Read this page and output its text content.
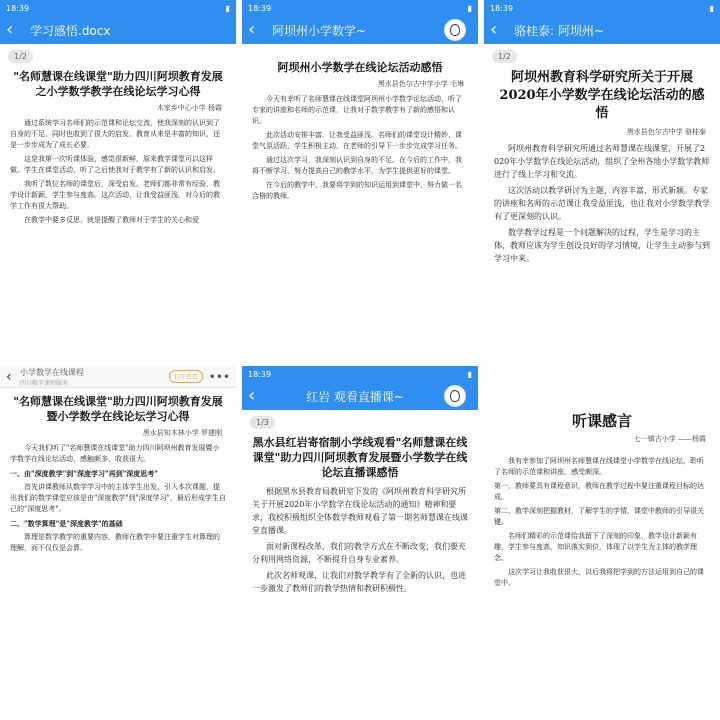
18:39	▮
‹	学习感悟.docx
1/2
"名师慧课在线课堂"助力四川阿坝教育发展之小学数学教学在线论坛学习心得
木家乡中心小学 杨霞

通过系统学习名师们的示范课和论坛交流，使我深刻的认识到了自身的不足，同时也收到了很大的启发。教育从来是丰富的知识，还是一步步成为了成长必要。

这是我第一次听课体验，感觉很新鲜，原来教学课堂可以这样做。学生在课堂活动，听了之后使我对于教学有了新的认识和启发。

我听了数位名师的课堂后，深受启发。老师们都非常有经验，教学设计新颖，学生参与度高。这次活动，让我受益匪浅，对今后的教学工作有很大帮助。

在教学中要多反思，就是提醒了教师对于学生的关心和爱

18:39	▮
‹	阿坝州小学数学~
阿坝州小学数学在线论坛活动感悟
黑水县色尔古中学小学 毛琳

今天有幸听了名师慧课在线课堂阿坝州小学数学论坛活动，听了专家的讲座和名师的示范课，让我对于数学教学有了新的感悟和认识。

此次活动安排丰富，让我受益匪浅。名师们的课堂设计精妙，课堂气氛活跃，学生积极主动，在老师的引导下一步步完成学习任务。

通过这次学习，我深刻认识到自身的不足。在今后的工作中，我将不断学习，努力提高自己的教学水平，为学生提供更好的课堂。

在今后的教学中，我要将学到的知识运用到课堂中，努力做一名合格的教师。

18:39	▮
‹	骆桂泰: 阿坝州~
1/2
阿坝州教育科学研究所关于开展2020年小学数学在线论坛活动的感悟
黑水县色尔古中学 骆桂泰

阿坝州教育科学研究所通过名师慧课在线课堂，开展了2020年小学数学在线论坛活动，组织了全州各地小学数学教师进行了线上学习和交流。

这次活动以教学研讨为主题，内容丰富，形式新颖。专家的讲座和名师的示范课让我受益匪浅，也让我对小学数学教学有了更深刻的认识。

数学教学过程是一个问题解决的过程，学生是学习的主体，教师应该为学生创设良好的学习情境，让学生主动参与到学习中来。

‹	小学数学在线课程
四川数字课程服务
打开看看 •••
"名师慧课在线课堂"助力四川阿坝教育发展暨小学数学在线论坛学习心得
黑水县知木林小学 罗建刚

今天我们听了"名师慧课在线课堂"助力四川阿坝州教育发展暨小学数学在线论坛活动，感触颇多，收获很大。

一、由"深度教学"到"深度学习"再到"深度思考"

首先讲课教师从数学学习中的主体学生出发，引入本次课题，提出我们的数学课堂应该是由"深度教学"到"深度学习"，最后形成学生自己的"深度思考"。

二、"数学算理"是"深度教学"的基础

算理是数学教学的重要内容，教师在教学中要注重学生对算理的理解，而不仅仅是会算。

18:39	▮
‹	红岩 观看直播课~
1/3
黑水县红岩寄宿制小学线观看"名师慧课在线课堂"助力四川阿坝教育发展暨小学数学在线论坛直播课感悟

根据黑水县教育局教研室下发的《阿坝州教育科学研究所关于开展2020年小学数学在线论坛活动的通知》精神和要求，我校积极组织全体数学教师观看了第一期名师慧课在线课堂直播课。

面对新课程改革，我们的教学方式在不断改变，我们要充分利用网络资源，不断提升自身专业素养。

此次名师观课，让我们对数学教学有了全新的认识，也进一步激发了教师们的教学热情和教研积极性。

听课感言
七一镇古小学 ——杨霞

我有幸参加了阿坝州名师慧课在线课堂小学数学在线论坛，聆听了名师的示范课和讲座，感受颇深。

第一，教师要具有课程意识，教师在教学过程中要注重课程目标的达成。

第二，教学深刻把握教材，了解学生的学情，课堂中教师的引导很关键。

名师们精彩的示范课给我留下了深刻的印象，教学设计新颖有趣，学生参与度高，知识落实到位，体现了以学生为主体的教学理念。

这次学习让我收获很大，以后我将把学到的方法运用到自己的课堂中。
